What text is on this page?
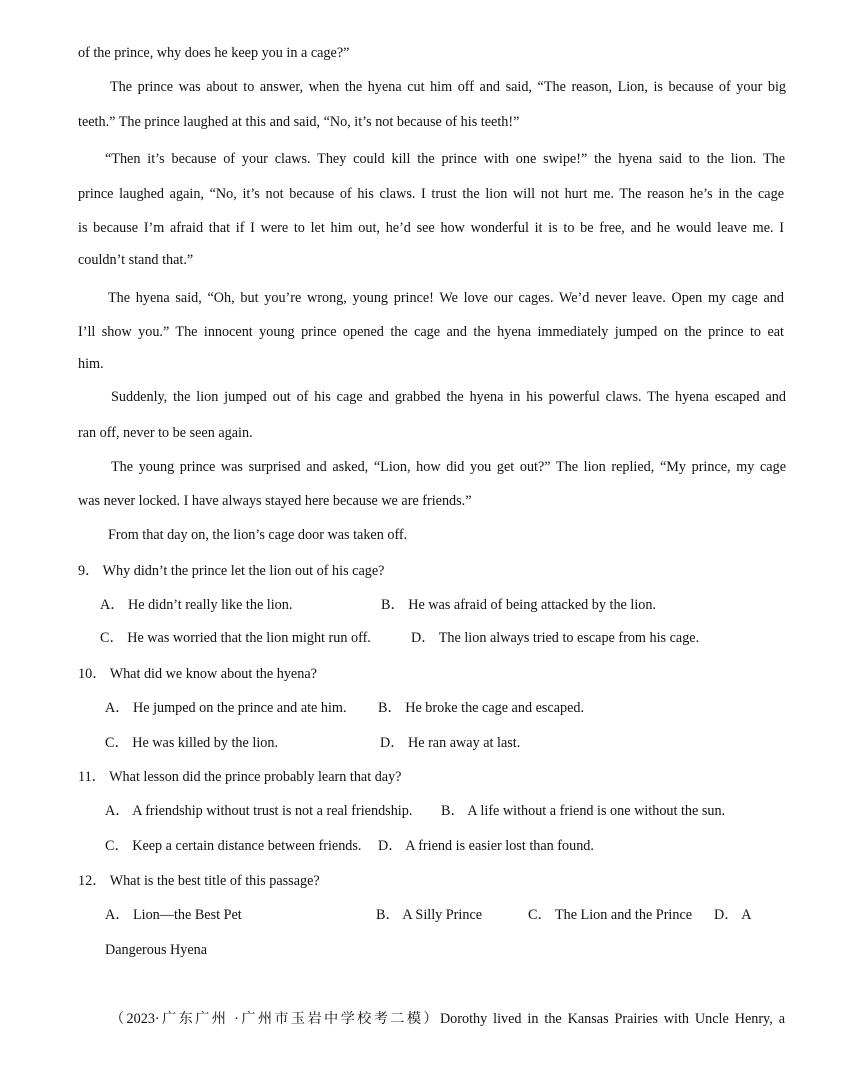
of the prince, why does he keep you in a cage?”
The prince was about to answer, when the hyena cut him off and said, “The reason, Lion, is because of your big
teeth.” The prince laughed at this and said, “No, it’s not because of his teeth!”
“Then it’s because of your claws. They could kill the prince with one swipe!” the hyena said to the lion. The
prince laughed again, “No, it’s not because of his claws. I trust the lion will not hurt me. The reason he’s in the cage
is because I’m afraid that if I were to let him out, he’d see how wonderful it is to be free, and he would leave me. I
couldn’t stand that.”
The hyena said, “Oh, but you’re wrong, young prince! We love our cages. We’d never leave. Open my cage and
I’ll show you.” The innocent young prince opened the cage and the hyena immediately jumped on the prince to eat
him.
Suddenly, the lion jumped out of his cage and grabbed the hyena in his powerful claws. The hyena escaped and
ran off, never to be seen again.
The young prince was surprised and asked, “Lion, how did you get out?” The lion replied, “My prince, my cage
was never locked. I have always stayed here because we are friends.”
From that day on, the lion’s cage door was taken off.
9． Why didn’t the prince let the lion out of his cage?
A． He didn’t really like the lion.	B． He was afraid of being attacked by the lion.
C． He was worried that the lion might run off.	D． The lion always tried to escape from his cage.
10． What did we know about the hyena?
A． He jumped on the prince and ate him. B． He broke the cage and escaped.
C． He was killed by the lion.	D． He ran away at last.
11． What lesson did the prince probably learn that day?
A． A friendship without trust is not a real friendship. B． A life without a friend is one without the sun.
C． Keep a certain distance between friends. D． A friend is easier lost than found.
12． What is the best title of this passage?
A． Lion—the Best Pet	B． A Silly Prince	C． The Lion and the Prince D． A
Dangerous Hyena
（2023·广东广州 ·广州市玉岩中学校考二模）Dorothy lived in the Kansas Prairies with Uncle Henry, a
